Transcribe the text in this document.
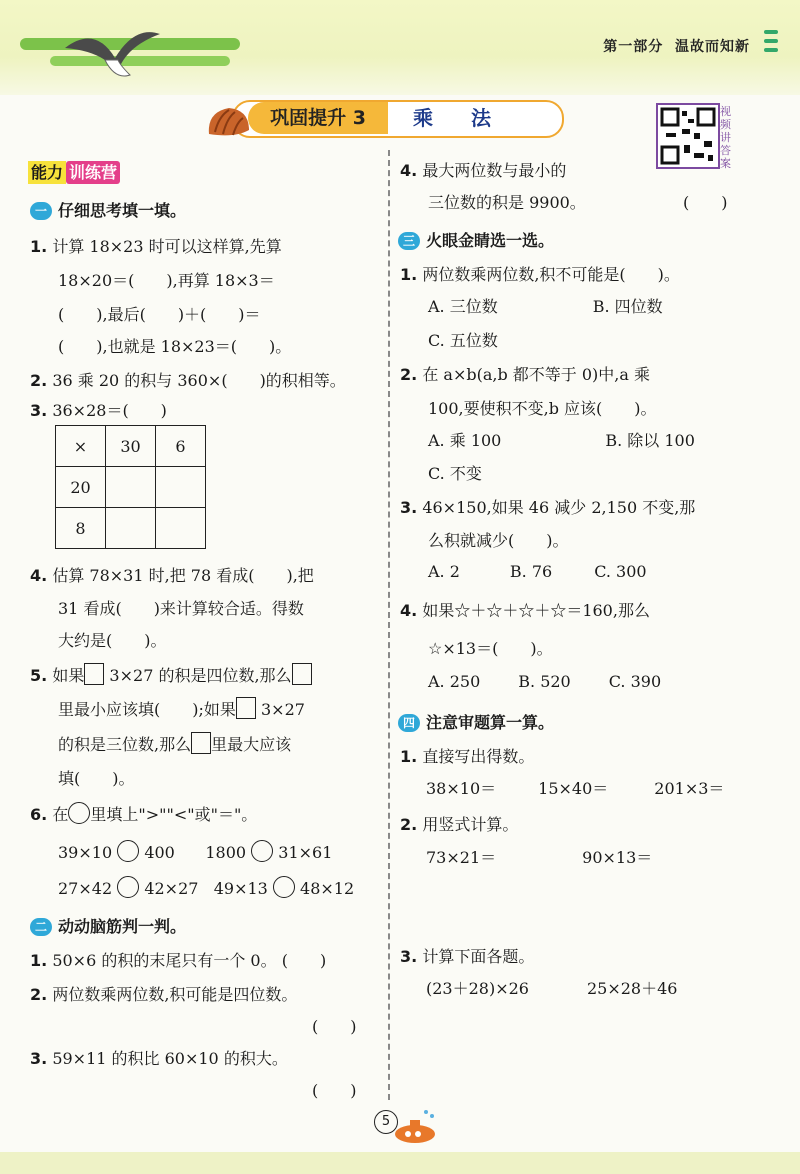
第一部分 温故而知新
巩固提升 3	乘法	视频讲答案
能力 训练营
一 仔细思考填一填。
1. 计算 18×23 时可以这样算,先算
18×20＝(　　),再算 18×3＝
(　　),最后(　　)＋(　　)＝
(　　),也就是 18×23＝(　　)。
2. 36 乘 20 的积与 360×(　　)的积相等。
3. 36×28＝(　　)
×	30	6
20		
8		
4. 估算 78×31 时,把 78 看成(　　),把
31 看成(　　)来计算较合适。得数
大约是(　　)。
5. 如果 3×27 的积是四位数,那么
里最小应该填(　　);如果 3×27
的积是三位数,那么 里最大应该
填(　　)。
6. 在 里填上">""<"或"＝"。
39×10 400 1800 31×61
27×42 42×27 49×13 48×12
二 动动脑筋判一判。
1. 50×6 的积的末尾只有一个 0。 (　　)
2. 两位数乘两位数,积可能是四位数。
(　　)
3. 59×11 的积比 60×10 的积大。
(　　)
4. 最大两位数与最小的
三位数的积是 9900。	(　　)
三 火眼金睛选一选。
1. 两位数乘两位数,积不可能是(　　)。
A. 三位数	B. 四位数
C. 五位数
2. 在 a×b(a,b 都不等于 0)中,a 乘
100,要使积不变,b 应该(　　)。
A. 乘 100	B. 除以 100
C. 不变
3. 46×150,如果 46 减少 2,150 不变,那
么积就减少(　　)。
A. 2	B. 76	C. 300
4. 如果☆＋☆＋☆＋☆＝160,那么
☆×13＝(　　)。
A. 250 B. 520 C. 390
四 注意审题算一算。
1. 直接写出得数。
38×10＝	15×40＝	201×3＝
2. 用竖式计算。
73×21＝	90×13＝
3. 计算下面各题。
(23＋28)×26	25×28＋46
5
